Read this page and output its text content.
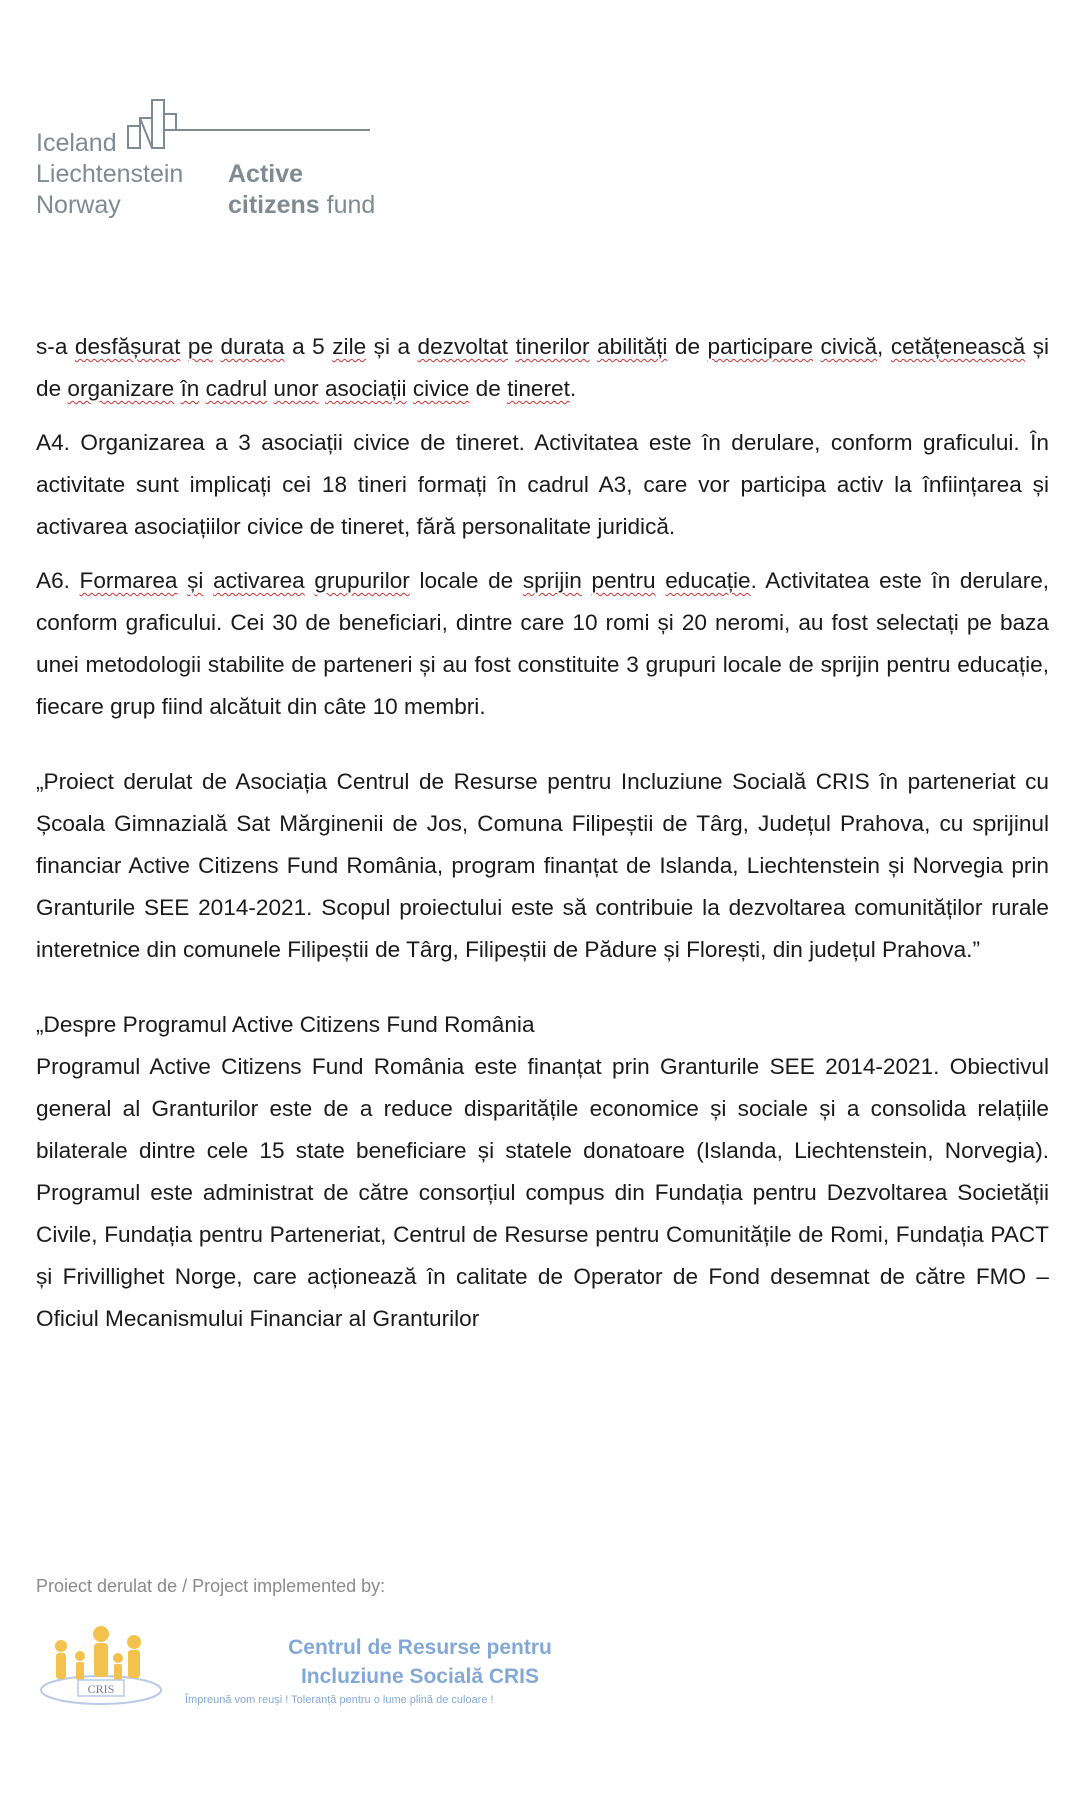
Iceland
Liechtenstein
Norway
Active
citizens fund

s-a desfășurat pe durata a 5 zile și a dezvoltat tinerilor abilități de participare civică, cetățenească și de organizare în cadrul unor asociații civice de tineret.

A4. Organizarea a 3 asociații civice de tineret. Activitatea este în derulare, conform graficului. În activitate sunt implicați cei 18 tineri formați în cadrul A3, care vor participa activ la înființarea și activarea asociațiilor civice de tineret, fără personalitate juridică.

A6. Formarea și activarea grupurilor locale de sprijin pentru educație. Activitatea este în derulare, conform graficului. Cei 30 de beneficiari, dintre care 10 romi și 20 neromi, au fost selectați pe baza unei metodologii stabilite de parteneri și au fost constituite 3 grupuri locale de sprijin pentru educație, fiecare grup fiind alcătuit din câte 10 membri.

„Proiect derulat de Asociația Centrul de Resurse pentru Incluziune Socială CRIS în parteneriat cu Școala Gimnazială Sat Mărginenii de Jos, Comuna Filipeștii de Târg, Județul Prahova, cu sprijinul financiar Active Citizens Fund România, program finanțat de Islanda, Liechtenstein și Norvegia prin Granturile SEE 2014-2021. Scopul proiectului este să contribuie la dezvoltarea comunităților rurale interetnice din comunele Filipeștii de Târg, Filipeștii de Pădure și Florești, din județul Prahova.”

„Despre Programul Active Citizens Fund România

Programul Active Citizens Fund România este finanțat prin Granturile SEE 2014-2021. Obiectivul general al Granturilor este de a reduce disparitățile economice și sociale și a consolida relațiile bilaterale dintre cele 15 state beneficiare și statele donatoare (Islanda, Liechtenstein, Norvegia). Programul este administrat de către consorțiul compus din Fundația pentru Dezvoltarea Societății Civile, Fundația pentru Parteneriat, Centrul de Resurse pentru Comunitățile de Romi, Fundația PACT și Frivillighet Norge, care acționează în calitate de Operator de Fond desemnat de către FMO – Oficiul Mecanismului Financiar al Granturilor

Proiect derulat de / Project implemented by:
CRIS
Centrul de Resurse pentru
Incluziune Socială CRIS
Împreună vom reuși ! Toleranță pentru o lume plină de culoare !
